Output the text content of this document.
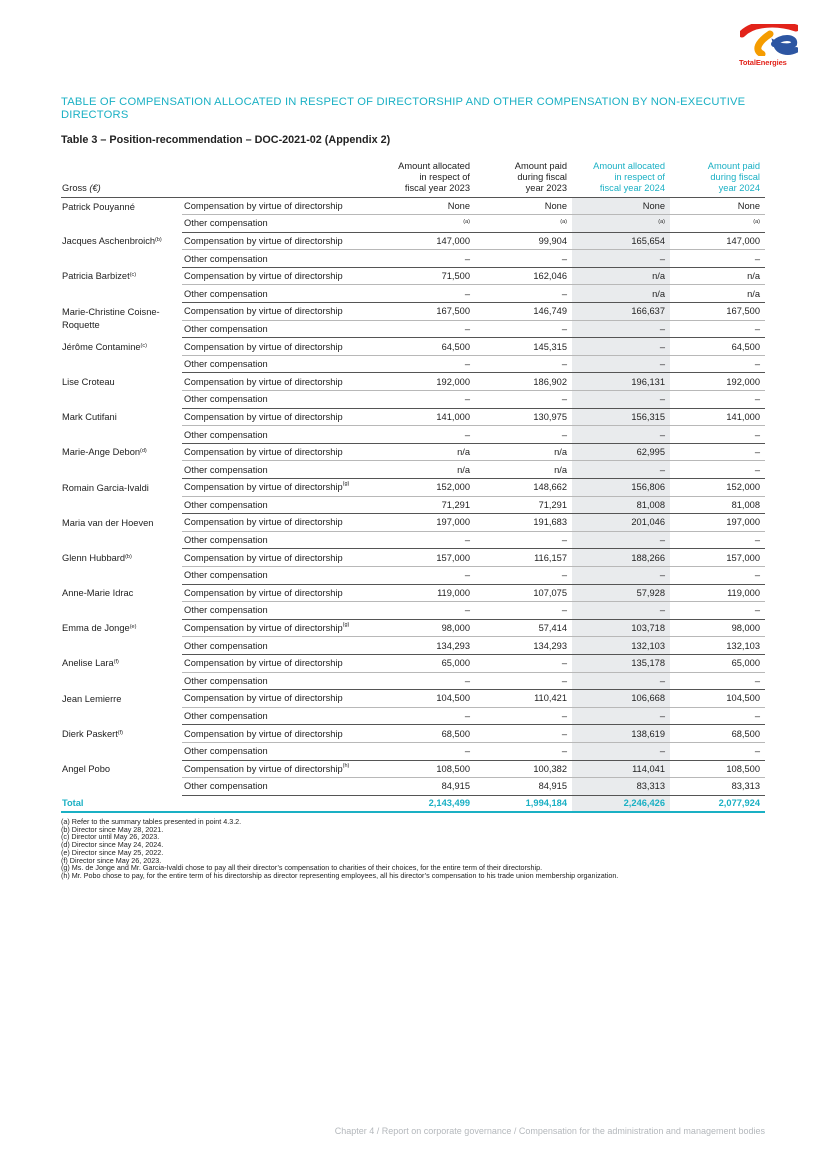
TotalEnergies
TABLE OF COMPENSATION ALLOCATED IN RESPECT OF DIRECTORSHIP AND OTHER COMPENSATION BY NON-EXECUTIVE DIRECTORS
Table 3 – Position-recommendation – DOC-2021-02 (Appendix 2)
Gross (€)		Amount allocated
in respect of
fiscal year 2023	Amount paid
during fiscal
year 2023	Amount allocated
in respect of
fiscal year 2024	Amount paid
during fiscal
year 2024
Patrick Pouyanné	Compensation by virtue of directorship	None	None	None	None
	Other compensation	(a)	(a)	(a)	(a)

Jacques Aschenbroich$^{(b)}$	Compensation by virtue of directorship	147,000	99,904	165,654	147,000
	Other compensation	–	–	–	–
Patricia Barbizet$^{(c)}$	Compensation by virtue of directorship	71,500	162,046	n/a	n/a
	Other compensation	–	–	n/a	n/a
Marie-Christine Coisne-Roquette	Compensation by virtue of directorship	167,500	146,749	166,637	167,500
	Other compensation	–	–	–	–
Jérôme Contamine$^{(c)}$	Compensation by virtue of directorship	64,500	145,315	–	64,500
	Other compensation	–	–	–	–
Lise Croteau	Compensation by virtue of directorship	192,000	186,902	196,131	192,000
	Other compensation	–	–	–	–
Mark Cutifani	Compensation by virtue of directorship	141,000	130,975	156,315	141,000
	Other compensation	–	–	–	–
Marie-Ange Debon$^{(d)}$	Compensation by virtue of directorship	n/a	n/a	62,995	–
	Other compensation	n/a	n/a	–	–
Romain Garcia-Ivaldi	Compensation by virtue of directorship$^{(g)}$	152,000	148,662	156,806	152,000
	Other compensation	71,291	71,291	81,008	81,008
Maria van der Hoeven	Compensation by virtue of directorship	197,000	191,683	201,046	197,000
	Other compensation	–	–	–	–
Glenn Hubbard$^{(b)}$	Compensation by virtue of directorship	157,000	116,157	188,266	157,000
	Other compensation	–	–	–	–
Anne-Marie Idrac	Compensation by virtue of directorship	119,000	107,075	57,928	119,000
	Other compensation	–	–	–	–
Emma de Jonge$^{(e)}$	Compensation by virtue of directorship$^{(g)}$	98,000	57,414	103,718	98,000
	Other compensation	134,293	134,293	132,103	132,103
Anelise Lara$^{(f)}$	Compensation by virtue of directorship	65,000	–	135,178	65,000
	Other compensation	–	–	–	–
Jean Lemierre	Compensation by virtue of directorship	104,500	110,421	106,668	104,500
	Other compensation	–	–	–	–
Dierk Paskert$^{(f)}$	Compensation by virtue of directorship	68,500	–	138,619	68,500
	Other compensation	–	–	–	–
Angel Pobo	Compensation by virtue of directorship$^{(h)}$	108,500	100,382	114,041	108,500
	Other compensation	84,915	84,915	83,313	83,313
Total		2,143,499	1,994,184	2,246,426	2,077,924
(a) Refer to the summary tables presented in point 4.3.2.
(b) Director since May 28, 2021.
(c) Director until May 26, 2023.
(d) Director since May 24, 2024.
(e) Director since May 25, 2022.
(f) Director since May 26, 2023.
(g) Ms. de Jonge and Mr. Garcia-Ivaldi chose to pay all their director’s compensation to charities of their choices, for the entire term of their directorship.
(h) Mr. Pobo chose to pay, for the entire term of his directorship as director representing employees, all his director’s compensation to his trade union membership organization.
Chapter 4 / Report on corporate governance / Compensation for the administration and management bodies
